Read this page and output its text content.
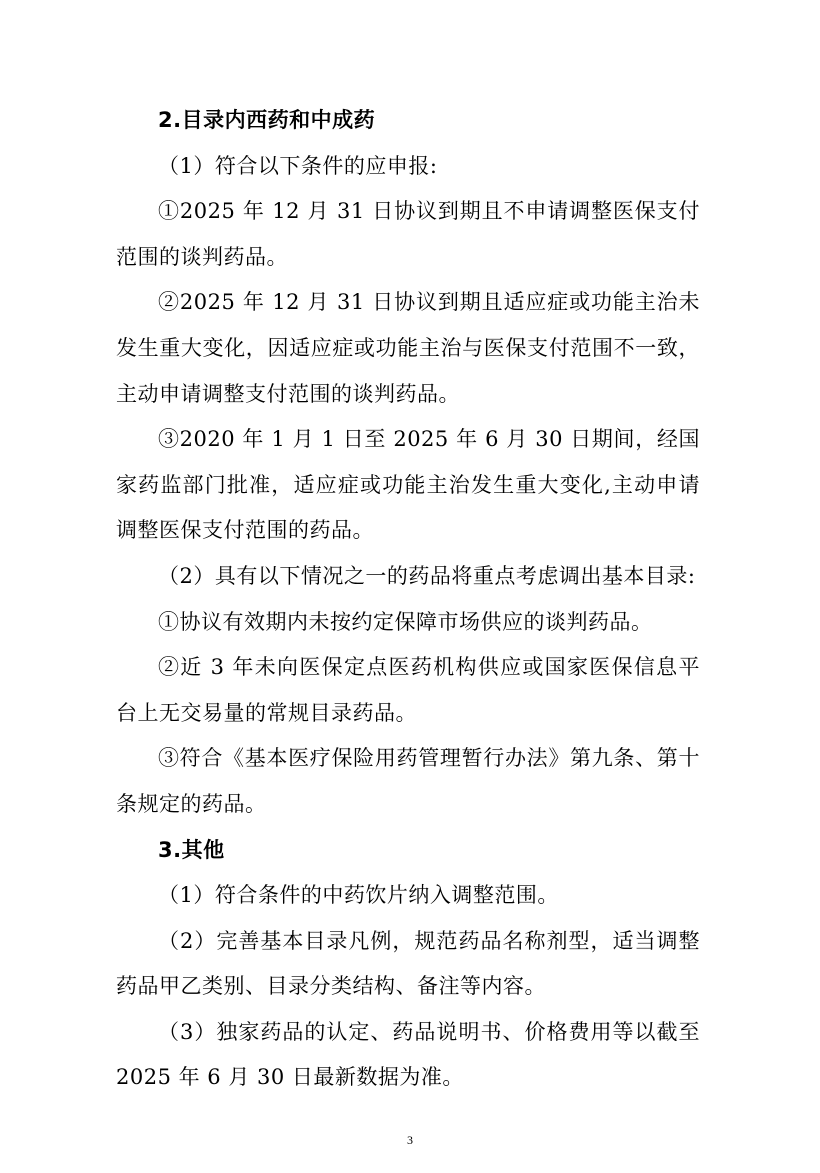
2.目录内西药和中成药

（1）符合以下条件的应申报:

①2025 年 12 月 31 日协议到期且不申请调整医保支付范围的谈判药品。

②2025 年 12 月 31 日协议到期且适应症或功能主治未发生重大变化，因适应症或功能主治与医保支付范围不一致，主动申请调整支付范围的谈判药品。

③2020 年 1 月 1 日至 2025 年 6 月 30 日期间，经国家药监部门批准，适应症或功能主治发生重大变化,主动申请调整医保支付范围的药品。

（2）具有以下情况之一的药品将重点考虑调出基本目录:

①协议有效期内未按约定保障市场供应的谈判药品。

②近 3 年未向医保定点医药机构供应或国家医保信息平台上无交易量的常规目录药品。

③符合《基本医疗保险用药管理暂行办法》第九条、第十条规定的药品。

3.其他

（1）符合条件的中药饮片纳入调整范围。

（2）完善基本目录凡例，规范药品名称剂型，适当调整药品甲乙类别、目录分类结构、备注等内容。

（3）独家药品的认定、药品说明书、价格费用等以截至 2025 年 6 月 30 日最新数据为准。

3
